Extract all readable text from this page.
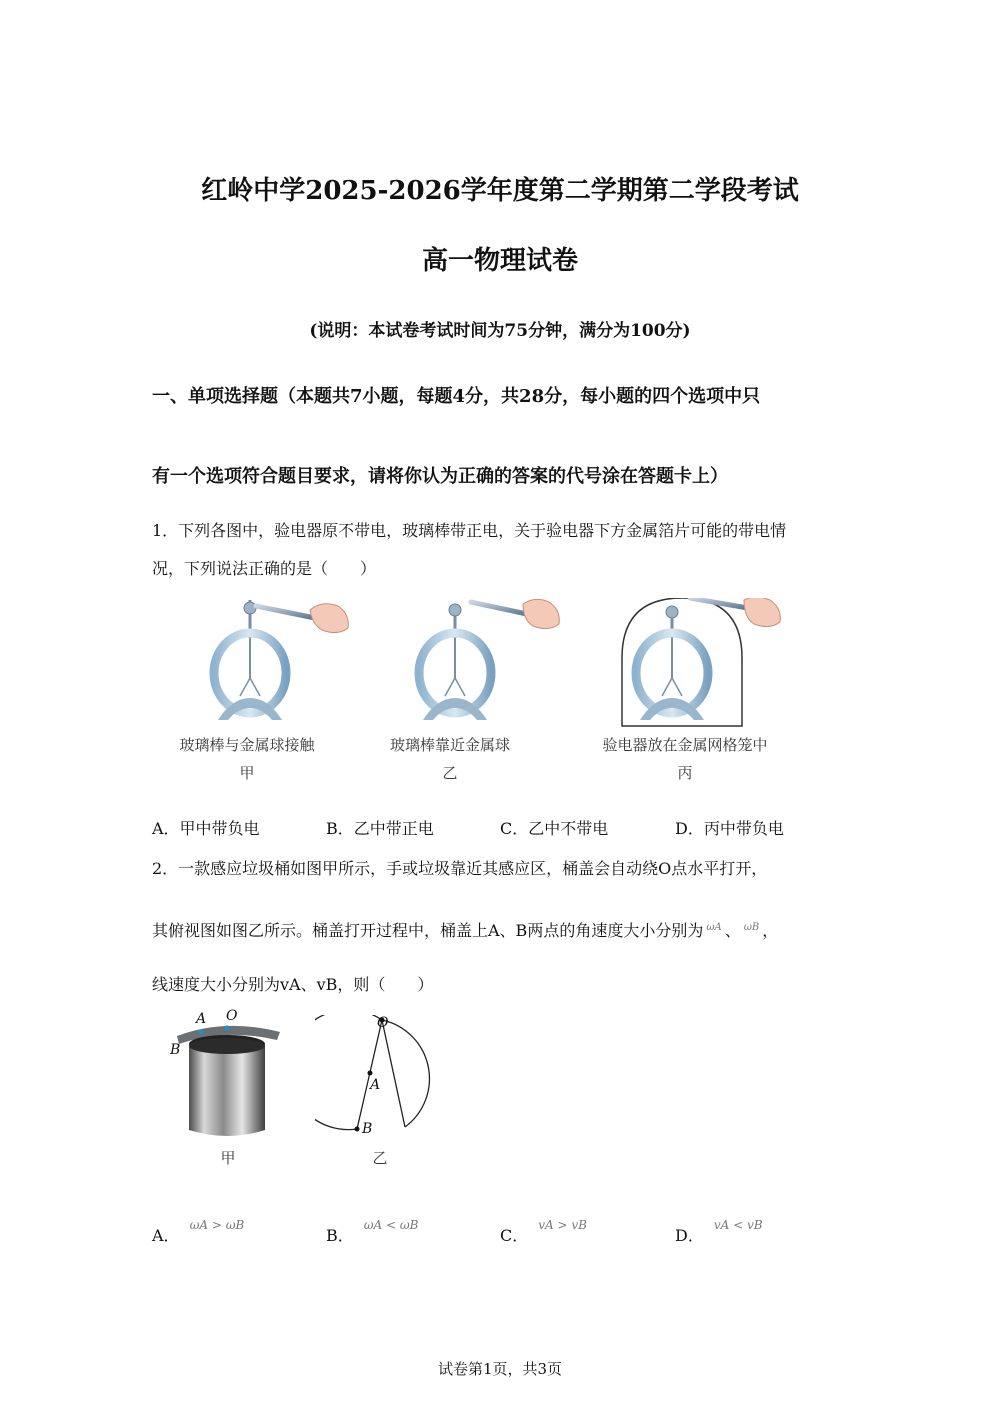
红岭中学2025-2026学年度第二学期第二学段考试
高一物理试卷
(说明：本试卷考试时间为75分钟，满分为100分)
一、单项选择题（本题共7小题，每题4分，共28分，每小题的四个选项中只
有一个选项符合题目要求，请将你认为正确的答案的代号涂在答题卡上）
1．下列各图中，验电器原不带电，玻璃棒带正电，关于验电器下方金属箔片可能的带电情
况，下列说法正确的是（　　）
玻璃棒与金属球接触
甲
玻璃棒靠近金属球
乙
验电器放在金属网格笼中
丙
A．甲中带负电	B．乙中带正电	C．乙中不带电	D．丙中带负电
2．一款感应垃圾桶如图甲所示，手或垃圾靠近其感应区，桶盖会自动绕O点水平打开，
其俯视图如图乙所示。桶盖打开过程中，桶盖上A、B两点的角速度大小分别为 $^{\omega A}$ 、 $^{\omega B}$ ，
线速度大小分别为vA、vB，则（　　）
A O
B
甲
O
A
B
乙
A．$^{\omega A > \omega B}$
B．$^{\omega A < \omega B}$
C．$^{vA > vB}$
D．$^{vA < vB}$
试卷第1页，共3页
